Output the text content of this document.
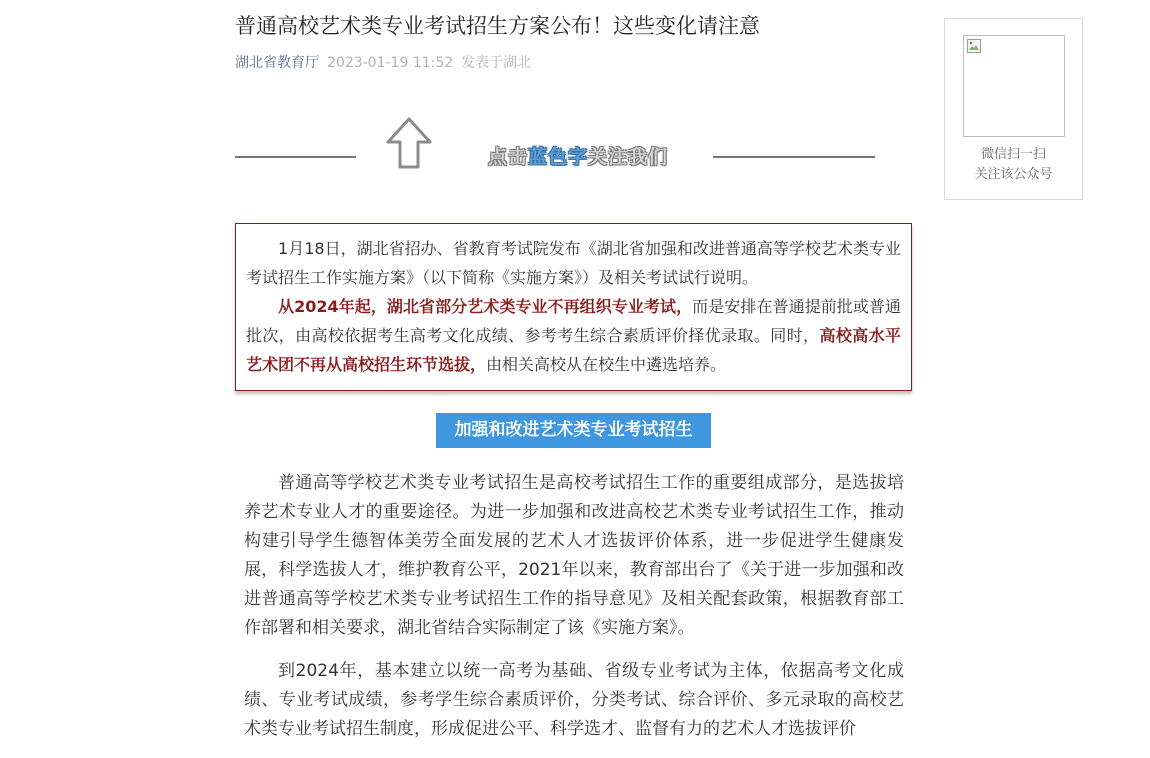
普通高校艺术类专业考试招生方案公布！这些变化请注意
湖北省教育厅 2023-01-19 11:52 发表于湖北
点击蓝色字关注我们

1月18日，湖北省招办、省教育考试院发布《湖北省加强和改进普通高等学校艺术类专业考试招生工作实施方案》（以下简称《实施方案》）及相关考试试行说明。

从2024年起，湖北省部分艺术类专业不再组织专业考试，而是安排在普通提前批或普通批次，由高校依据考生高考文化成绩、参考考生综合素质评价择优录取。同时，高校高水平艺术团不再从高校招生环节选拔，由相关高校从在校生中遴选培养。

加强和改进艺术类专业考试招生

普通高等学校艺术类专业考试招生是高校考试招生工作的重要组成部分，是选拔培养艺术专业人才的重要途径。为进一步加强和改进高校艺术类专业考试招生工作，推动构建引导学生德智体美劳全面发展的艺术人才选拔评价体系，进一步促进学生健康发展，科学选拔人才，维护教育公平，2021年以来，教育部出台了《关于进一步加强和改进普通高等学校艺术类专业考试招生工作的指导意见》及相关配套政策，根据教育部工作部署和相关要求，湖北省结合实际制定了该《实施方案》。

到2024年，基本建立以统一高考为基础、省级专业考试为主体，依据高考文化成绩、专业考试成绩，参考学生综合素质评价，分类考试、综合评价、多元录取的高校艺术类专业考试招生制度，形成促进公平、科学选才、监督有力的艺术人才选拔评价

微信扫一扫
关注该公众号
